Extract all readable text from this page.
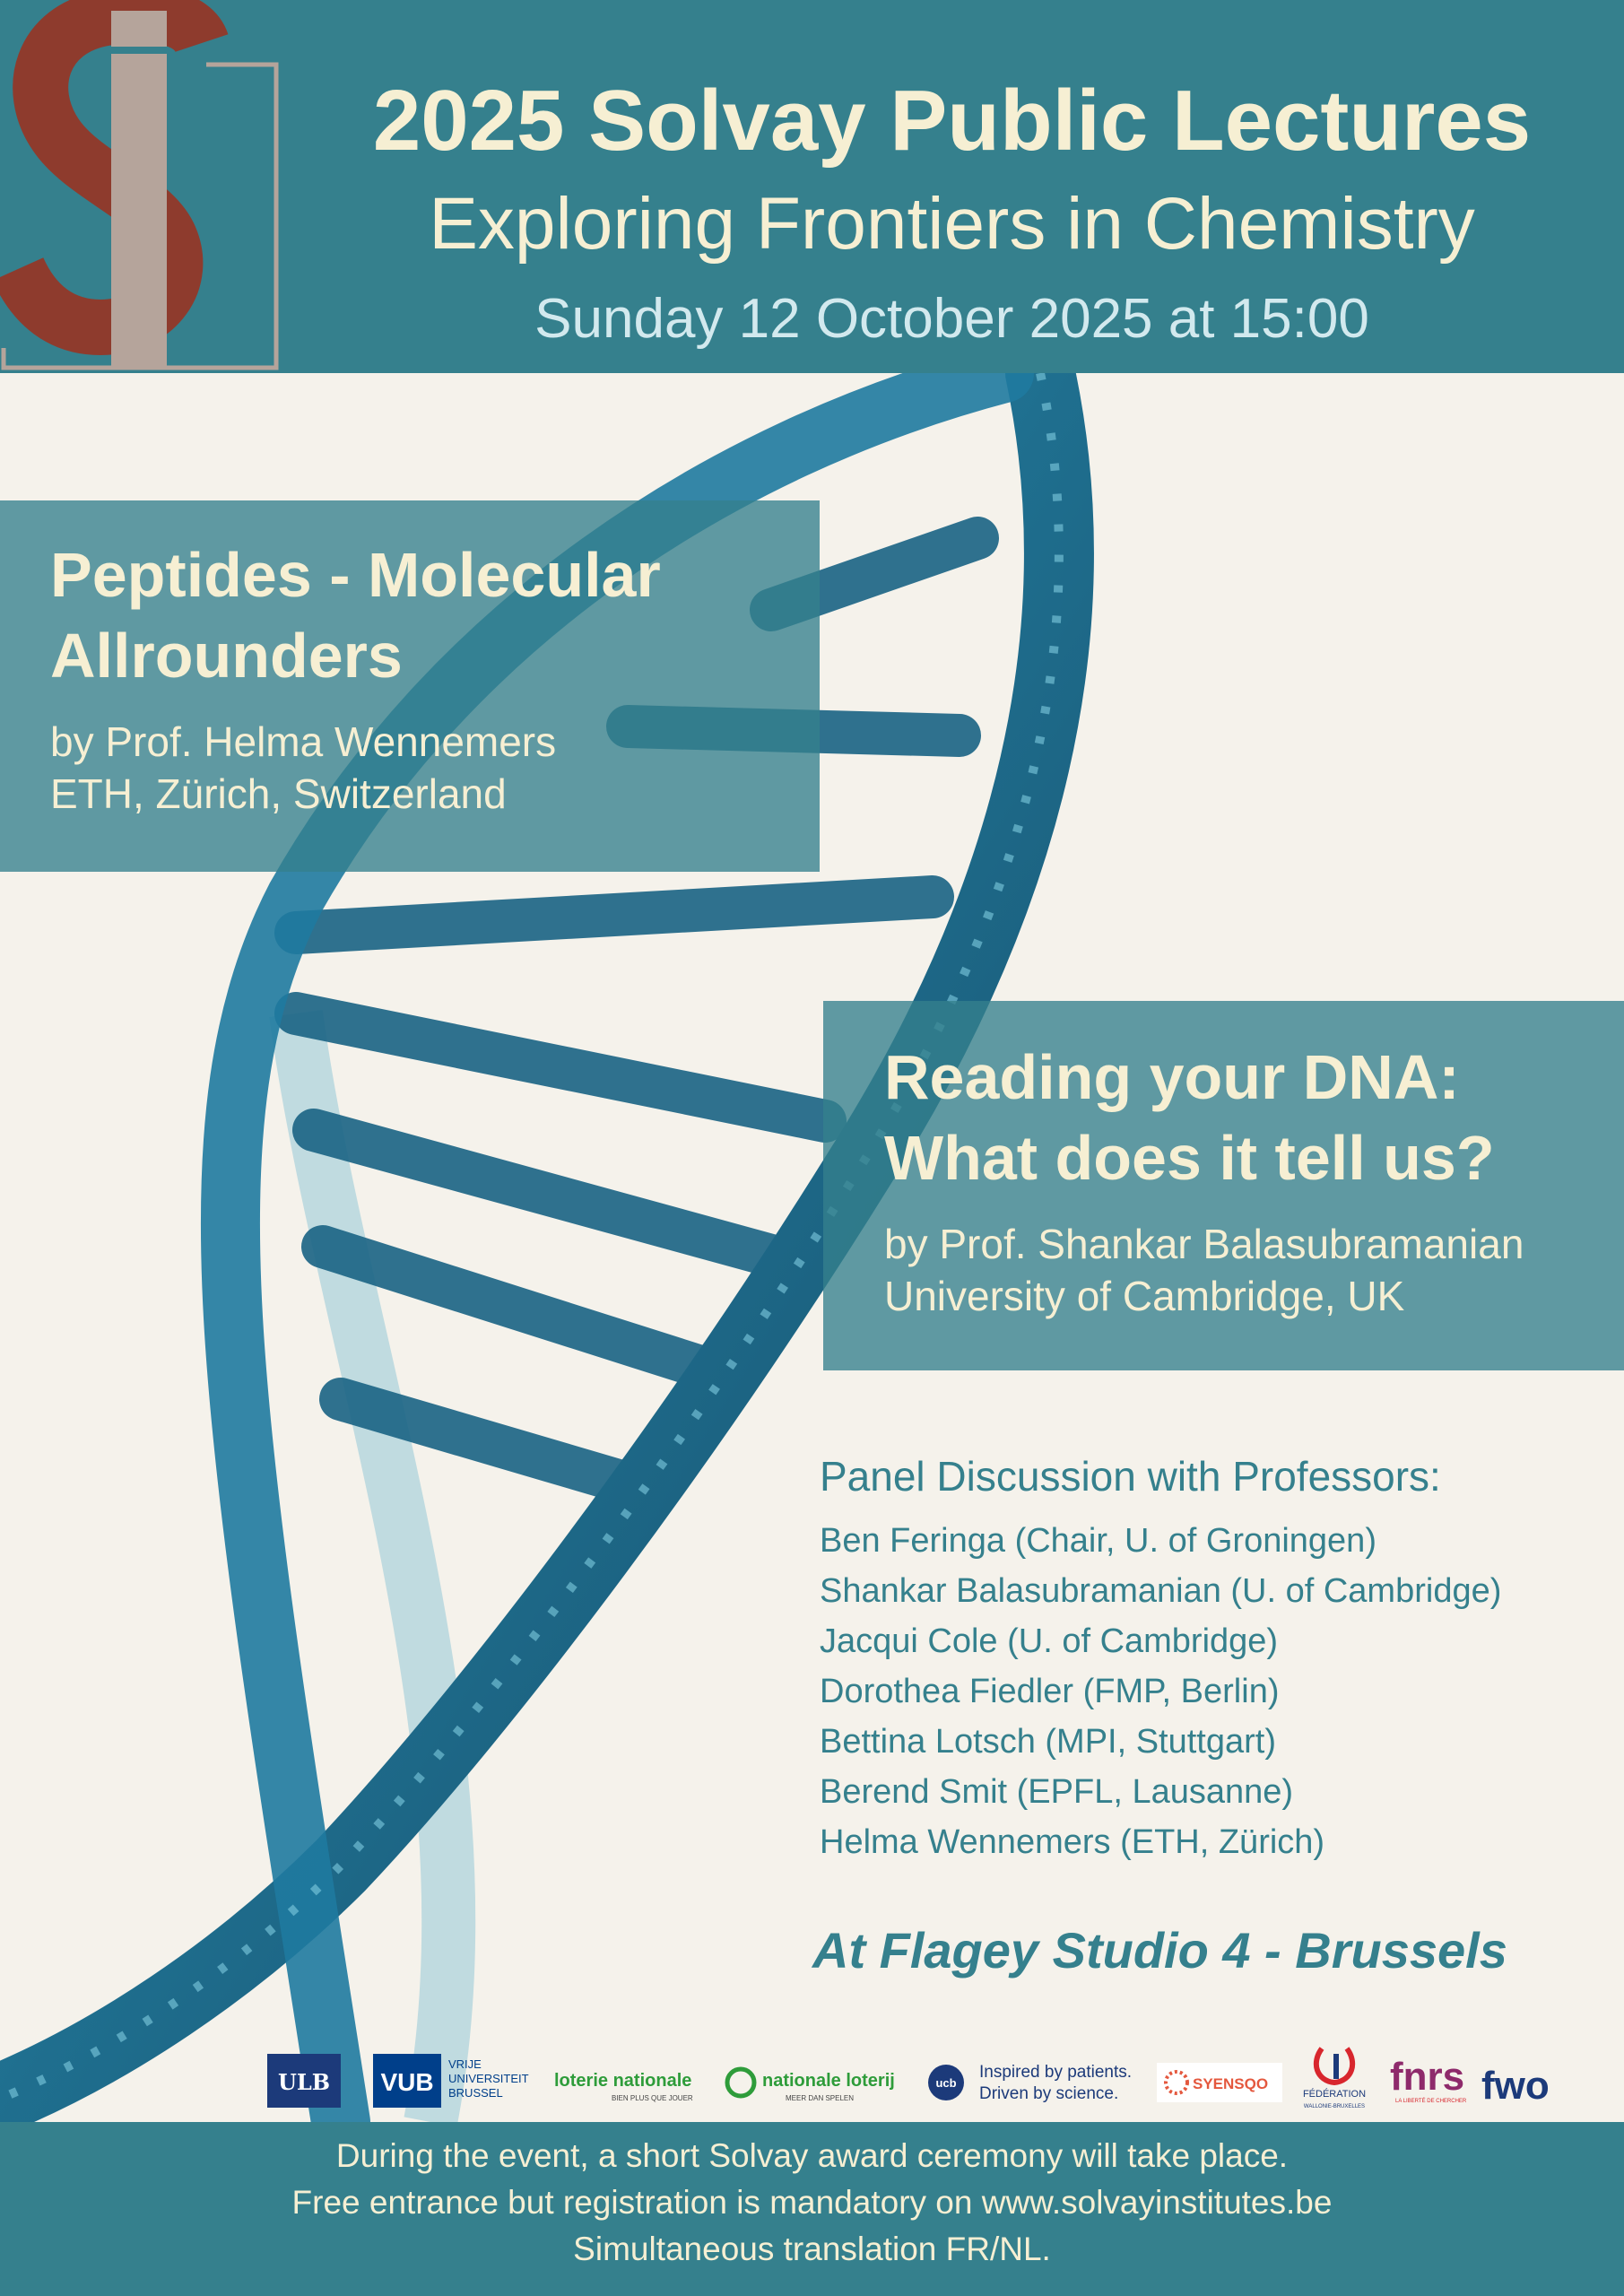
2025 Solvay Public Lectures
Exploring Frontiers in Chemistry
Sunday 12 October 2025 at 15:00
Peptides - Molecular
Allrounders
by Prof. Helma Wennemers
ETH, Zürich, Switzerland
Reading your DNA:
What does it tell us?
by Prof. Shankar Balasubramanian
University of Cambridge, UK
Panel Discussion with Professors:
Ben Feringa (Chair, U. of Groningen)
Shankar Balasubramanian (U. of Cambridge)
Jacqui Cole (U. of Cambridge)
Dorothea Fiedler (FMP, Berlin)
Bettina Lotsch (MPI, Stuttgart)
Berend Smit (EPFL, Lausanne)
Helma Wennemers (ETH, Zürich)
At Flagey Studio 4 - Brussels
ULB VUB
VRIJE
UNIVERSITEIT
BRUSSEL
loterie nationale
BIEN PLUS QUE JOUER
nationale loterij
MEER DAN SPELEN
ucb
Inspired by patients.
Driven by science.
SYENSQO
FÉDÉRATION
WALLONIE-BRUXELLES
fnrs
LA LIBERTÉ DE CHERCHER fwo
During the event, a short Solvay award ceremony will take place.
Free entrance but registration is mandatory on www.solvayinstitutes.be
Simultaneous translation FR/NL.
